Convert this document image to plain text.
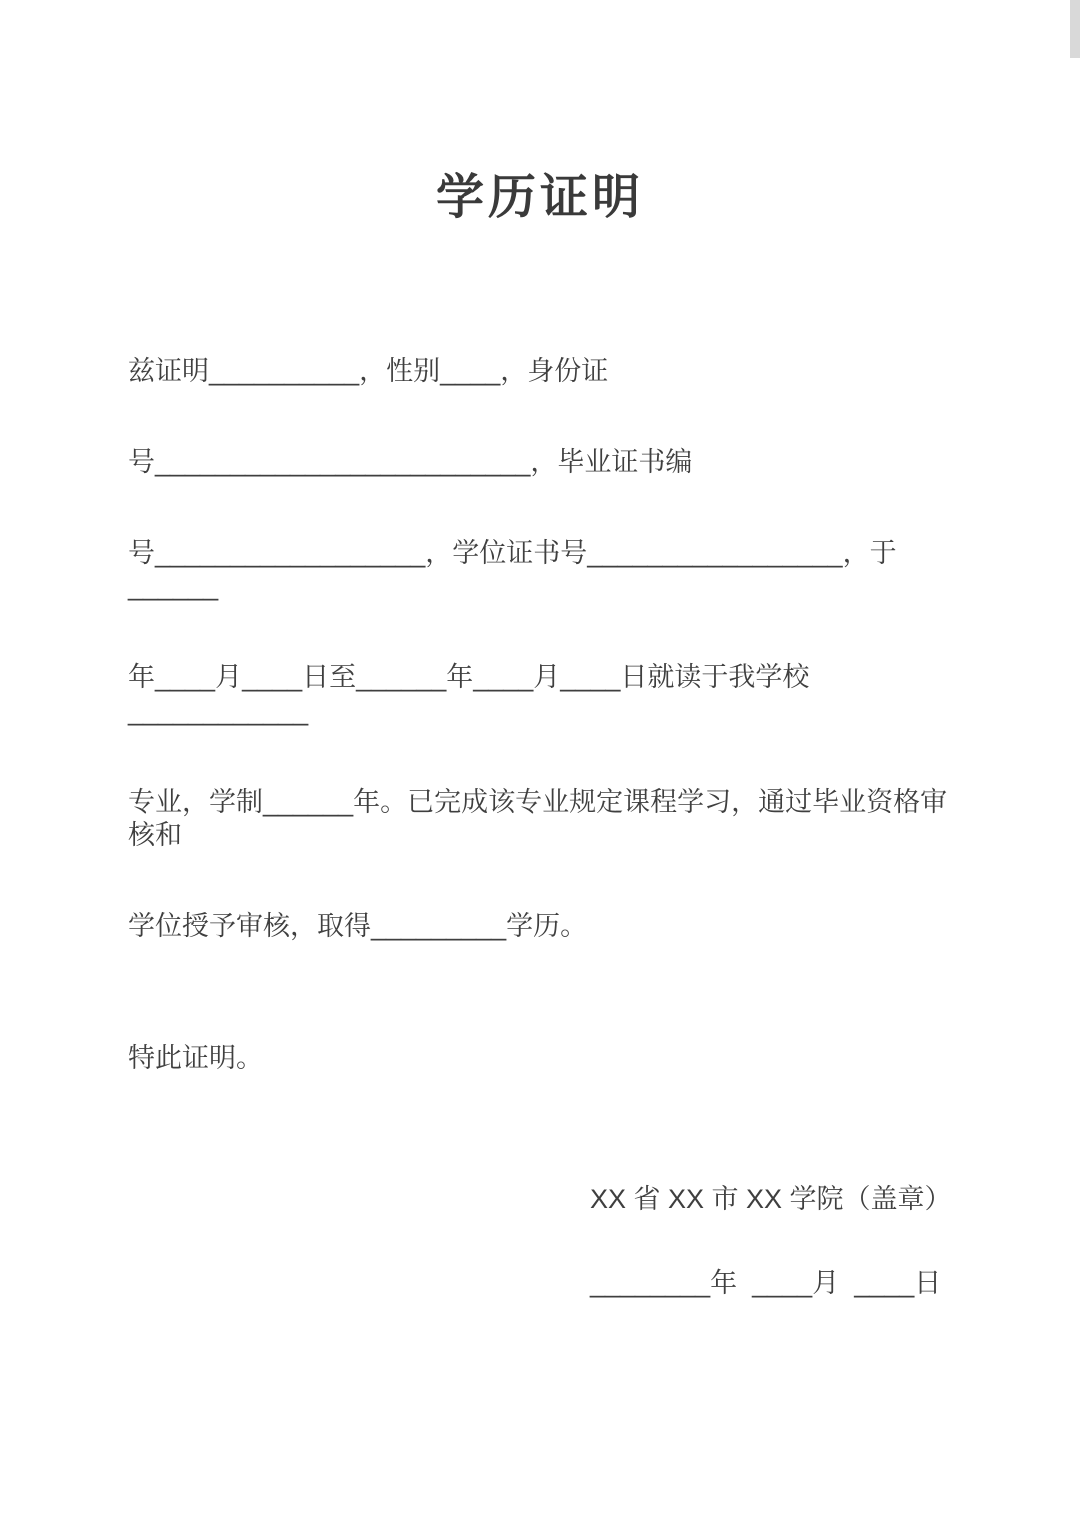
学历证明

兹证明__________，性别____，身份证

号_________________________，毕业证书编

号__________________，学位证书号_________________，于______

年____月____日至______年____月____日就读于我学校____________

专业，学制______年。已完成该专业规定课程学习，通过毕业资格审核和

学位授予审核，取得_________学历。

特此证明。

XX 省 XX 市 XX 学院（盖章）

________年  ____月  ____日
